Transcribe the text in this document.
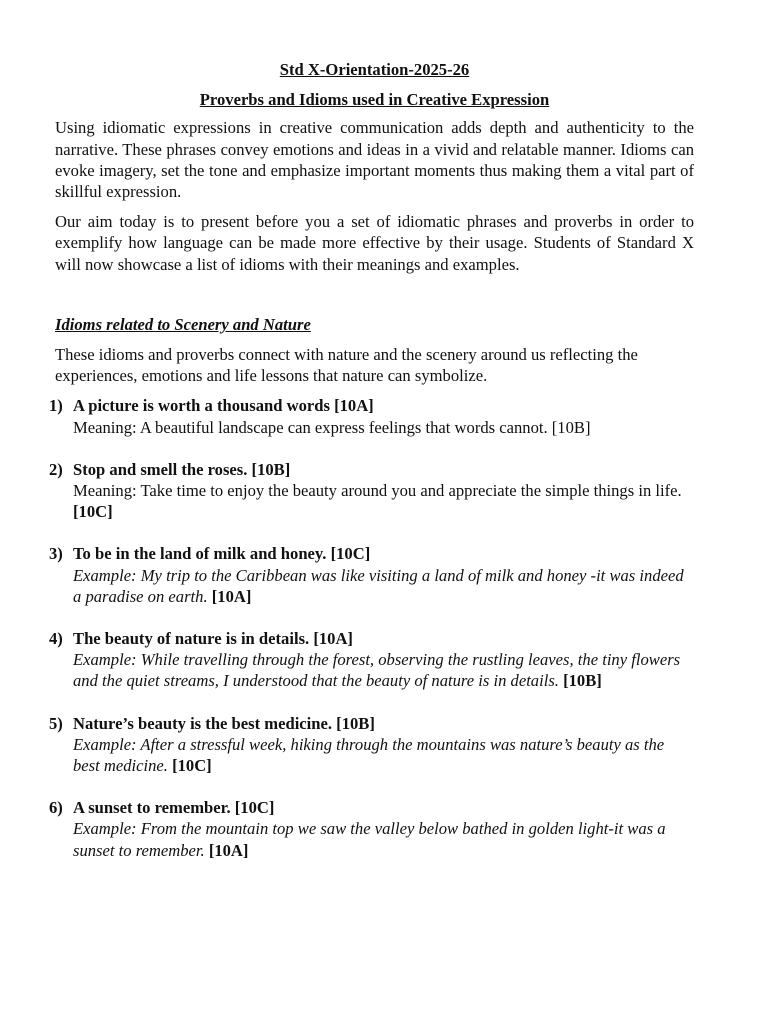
Std X-Orientation-2025-26
Proverbs and Idioms used in Creative Expression

Using idiomatic expressions in creative communication adds depth and authenticity to the narrative. These phrases convey emotions and ideas in a vivid and relatable manner. Idioms can evoke imagery, set the tone and emphasize important moments thus making them a vital part of skillful expression.

Our aim today is to present before you a set of idiomatic phrases and proverbs in order to exemplify how language can be made more effective by their usage. Students of Standard X will now showcase a list of idioms with their meanings and examples.

Idioms related to Scenery and Nature

These idioms and proverbs connect with nature and the scenery around us reflecting the experiences, emotions and life lessons that nature can symbolize.

1) A picture is worth a thousand words [10A]
Meaning: A beautiful landscape can express feelings that words cannot. [10B]
2) Stop and smell the roses. [10B]
Meaning: Take time to enjoy the beauty around you and appreciate the simple things in life. [10C]
3) To be in the land of milk and honey. [10C]
Example: My trip to the Caribbean was like visiting a land of milk and honey -it was indeed a paradise on earth. [10A]
4) The beauty of nature is in details. [10A]
Example: While travelling through the forest, observing the rustling leaves, the tiny flowers and the quiet streams, I understood that the beauty of nature is in details. [10B]
5) Nature’s beauty is the best medicine. [10B]
Example: After a stressful week, hiking through the mountains was nature’s beauty as the best medicine. [10C]
6) A sunset to remember. [10C]
Example: From the mountain top we saw the valley below bathed in golden light-it was a sunset to remember. [10A]
